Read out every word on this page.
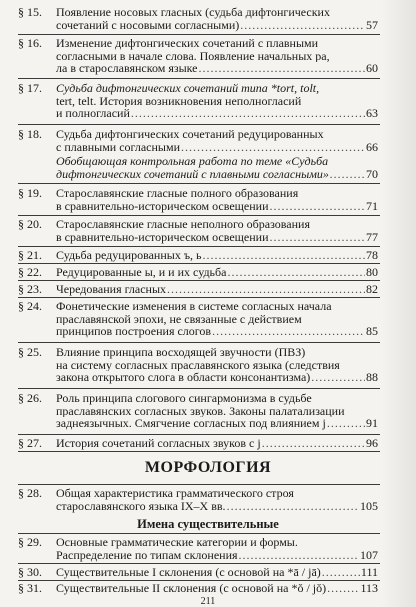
§ 15.	Появление носовых гласных (судьба дифтонгических
сочетаний с носовыми согласными) .....	57
§ 16.	Изменение дифтонгических сочетаний с плавными
согласными в начале слова. Появление начальных ра,
ла в старославянском языке .....	60
§ 17.	Судьба дифтонгических сочетаний типа *tort, tolt,
tert, telt. История возникновения неполногласий
и полногласий .....	63
§ 18.	Судьба дифтонгических сочетаний редуцированных
с плавными согласными .....	66
Обобщающая контрольная работа по теме «Судьба
дифтонгических сочетаний с плавными согласными» .....	70
§ 19.	Старославянские гласные полного образования
в сравнительно-историческом освещении .....	71
§ 20.	Старославянские гласные неполного образования
в сравнительно-историческом освещении .....	77
§ 21.	Судьба редуцированных ъ, ь .....	78
§ 22.	Редуцированные ы, и и их судьба .....	80
§ 23.	Чередования гласных .....	82
§ 24.	Фонетические изменения в системе согласных начала
праславянской эпохи, не связанные с действием
принципов построения слогов .....	85
§ 25.	Влияние принципа восходящей звучности (ПВЗ)
на систему согласных праславянского языка (следствия
закона открытого слога в области консонантизма) .....	88
§ 26.	Роль принципа слогового сингармонизма в судьбе
праславянских согласных звуков. Законы палатализации
заднеязычных. Смягчение согласных под влиянием j .....	91
§ 27.	История сочетаний согласных звуков с j .....	96
МОРФОЛОГИЯ
§ 28.	Общая характеристика грамматического строя
старославянского языка IX–X вв. .....	105
Имена существительные
§ 29.	Основные грамматические категории и формы.
Распределение по типам склонения .....	107
§ 30.	Существительные I склонения (с основой на *ā / jā) .....	111
§ 31.	Существительные II склонения (с основой на *ŏ / jŏ) .....	113
211
